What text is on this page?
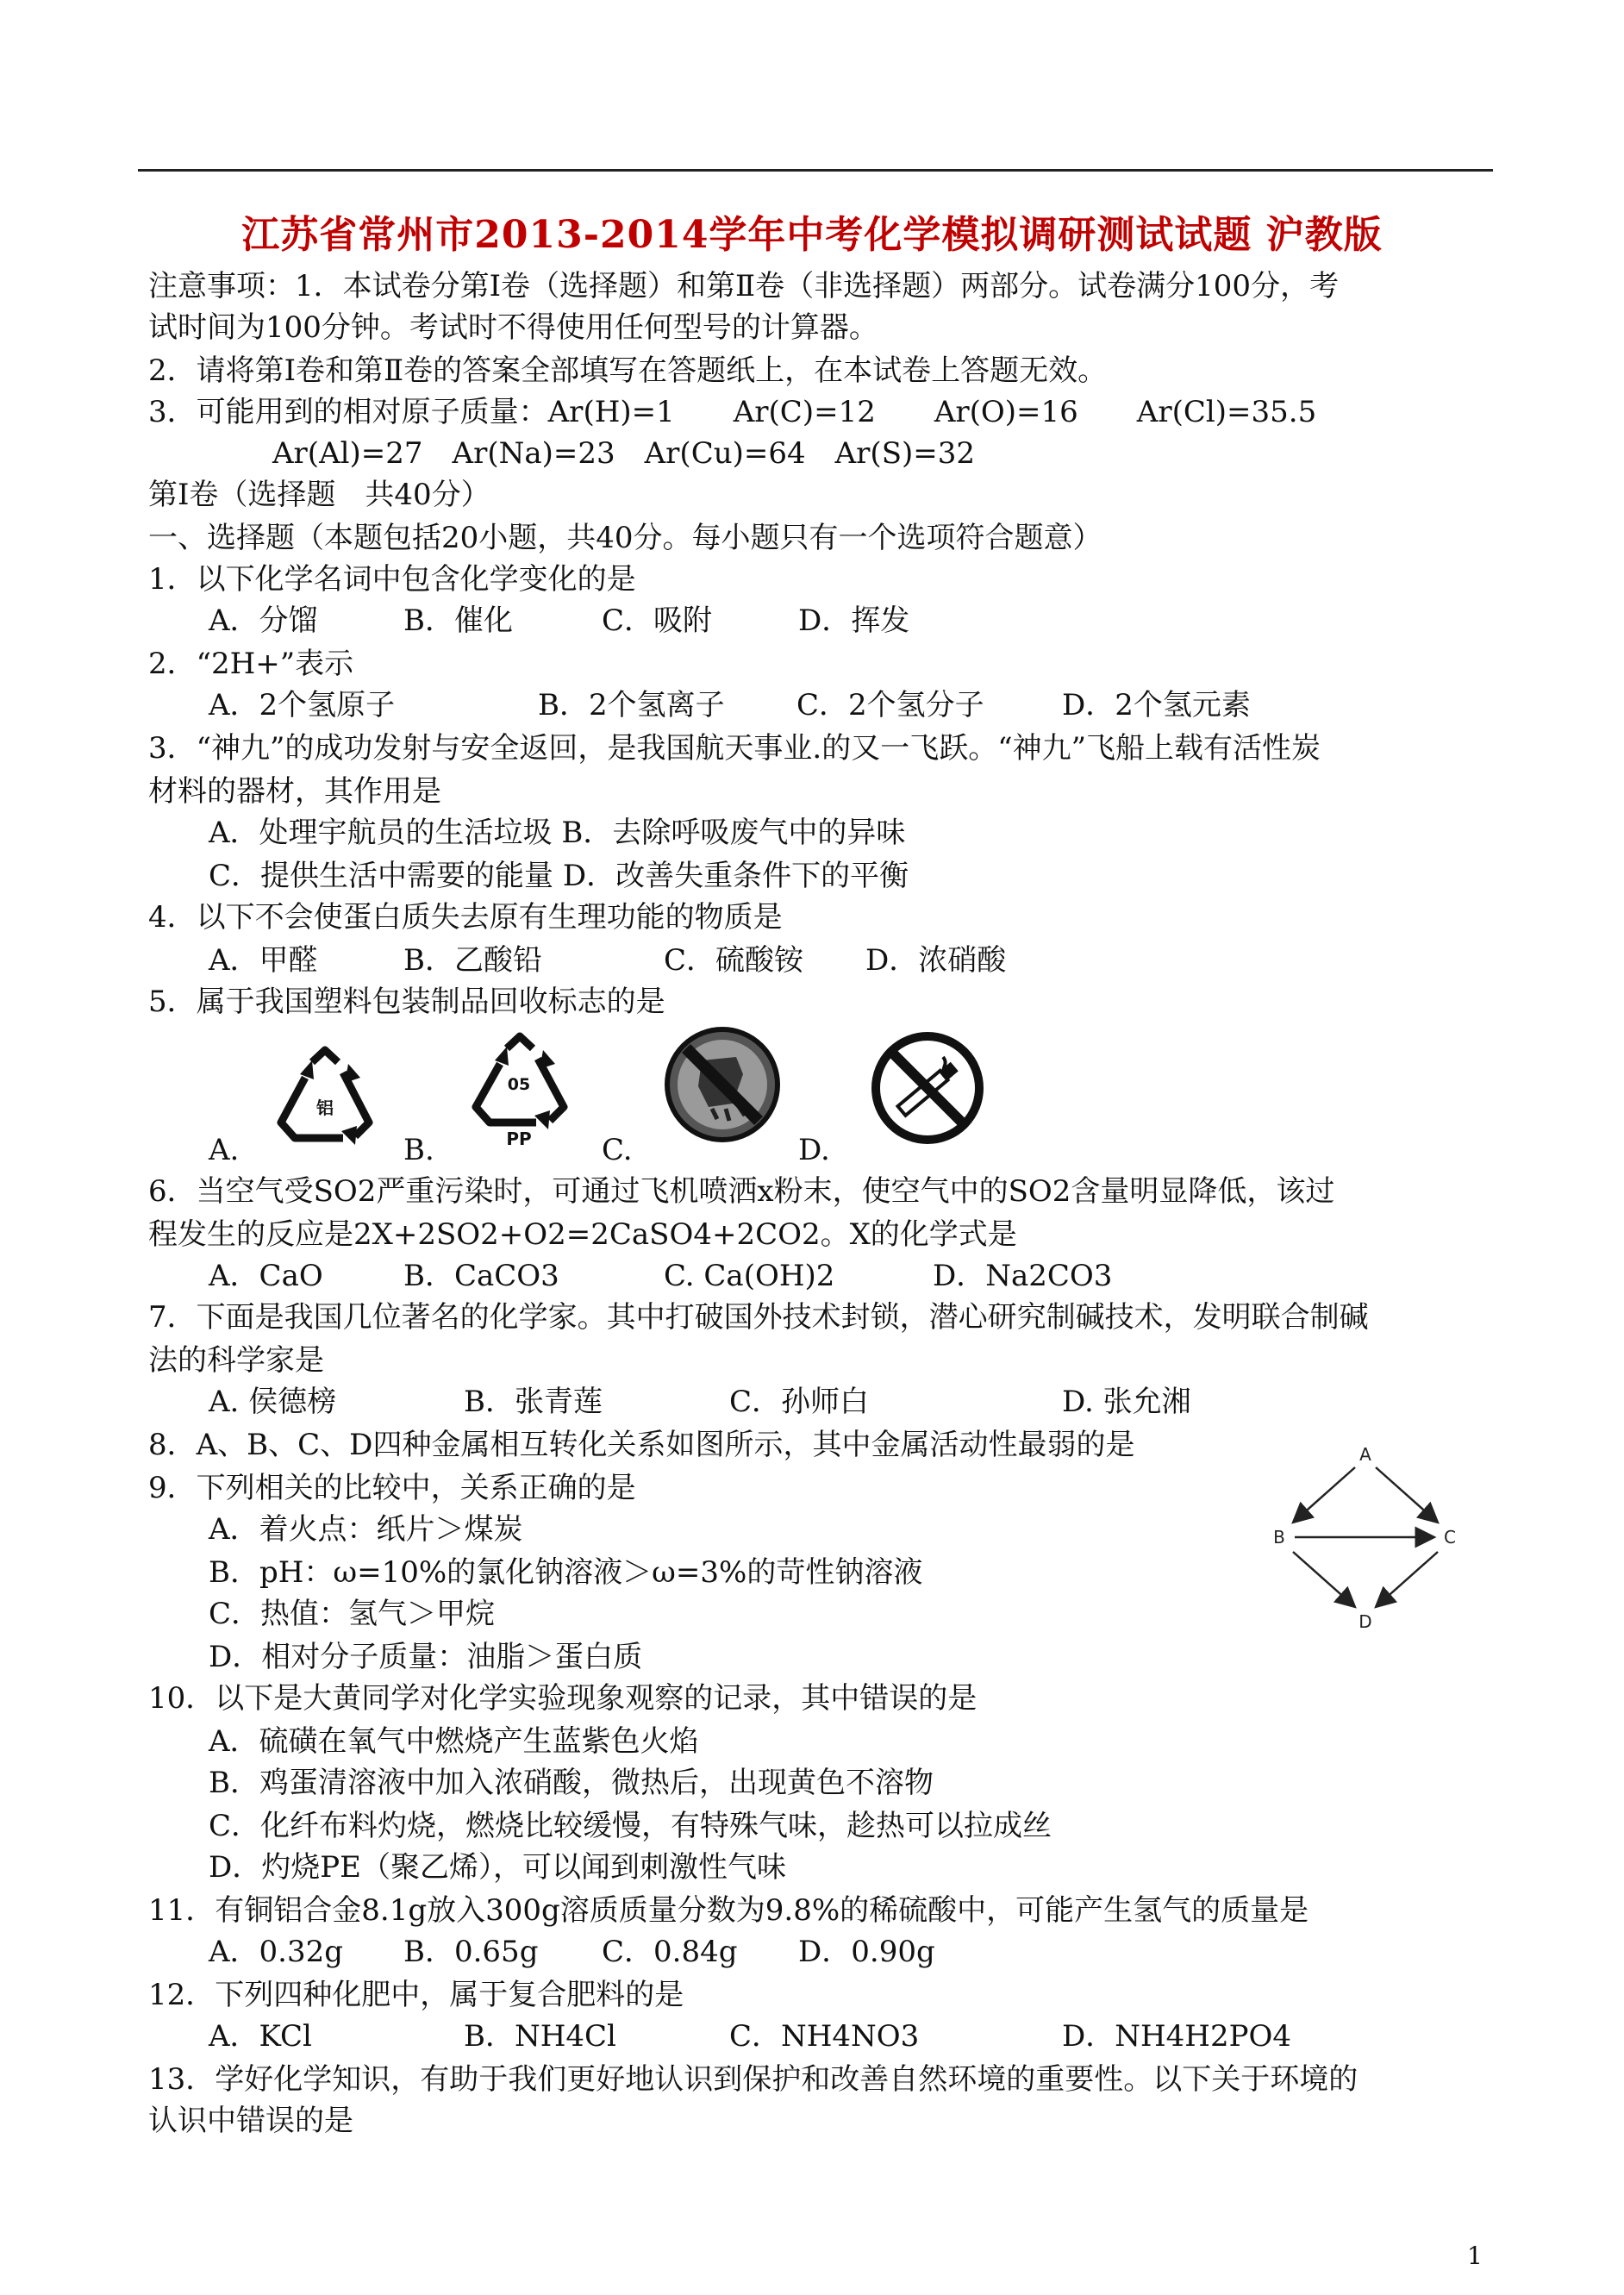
江苏省常州市2013-2014学年中考化学模拟调研测试试题 沪教版
注意事项：1．本试卷分第Ⅰ卷（选择题）和第Ⅱ卷（非选择题）两部分。试卷满分100分，考
试时间为100分钟。考试时不得使用任何型号的计算器。
2．请将第Ⅰ卷和第Ⅱ卷的答案全部填写在答题纸上，在本试卷上答题无效。
3．可能用到的相对原子质量：Ar(H)=1　　Ar(C)=12　　Ar(O)=16　　Ar(Cl)=35.5
Ar(Al)=27　Ar(Na)=23　Ar(Cu)=64　Ar(S)=32
第Ⅰ卷（选择题　共40分）
一、选择题（本题包括20小题，共40分。每小题只有一个选项符合题意）
1．以下化学名词中包含化学变化的是
A．分馏	B．催化	C．吸附	D．挥发
2．“2H+”表示
A．2个氢原子	B．2个氢离子 C．2个氢分子	D．2个氢元素
3．“神九”的成功发射与安全返回，是我国航天事业.的又一飞跃。“神九”飞船上载有活性炭
材料的器材，其作用是
A．处理宇航员的生活垃圾 B．去除呼吸废气中的异味
C．提供生活中需要的能量 D．改善失重条件下的平衡
4．以下不会使蛋白质失去原有生理功能的物质是
A．甲醛	B．乙酸铅	C．硫酸铵 D．浓硝酸
5．属于我国塑料包装制品回收标志的是
A.	B.	C.	D.
铝
05
PP
6．当空气受SO2严重污染时，可通过飞机喷洒x粉末，使空气中的SO2含量明显降低，该过
程发生的反应是2X+2SO2+O2=2CaSO4+2CO2。X的化学式是
A．CaO	B．CaCO3	C. Ca(OH)2	D．Na2CO3
7．下面是我国几位著名的化学家。其中打破国外技术封锁，潜心研究制碱技术，发明联合制碱
法的科学家是
A. 侯德榜	B．张青莲	C．孙师白	D. 张允湘
8．A、B、C、D四种金属相互转化关系如图所示，其中金属活动性最弱的是	A
B	C
D
9．下列相关的比较中，关系正确的是
A．着火点：纸片＞煤炭
B．pH：ω=10%的氯化钠溶液＞ω=3%的苛性钠溶液
C．热值：氢气＞甲烷
D．相对分子质量：油脂＞蛋白质
10．以下是大黄同学对化学实验现象观察的记录，其中错误的是
A．硫磺在氧气中燃烧产生蓝紫色火焰
B．鸡蛋清溶液中加入浓硝酸，微热后，出现黄色不溶物
C．化纤布料灼烧，燃烧比较缓慢，有特殊气味，趁热可以拉成丝
D．灼烧PE（聚乙烯），可以闻到刺激性气味
11．有铜铝合金8.1g放入300g溶质质量分数为9.8%的稀硫酸中，可能产生氢气的质量是
A．0.32g B．0.65g C．0.84g D．0.90g
12．下列四种化肥中，属于复合肥料的是
A．KCl	B．NH4Cl	C．NH4NO3	D．NH4H2PO4
13．学好化学知识，有助于我们更好地认识到保护和改善自然环境的重要性。以下关于环境的
认识中错误的是
1
